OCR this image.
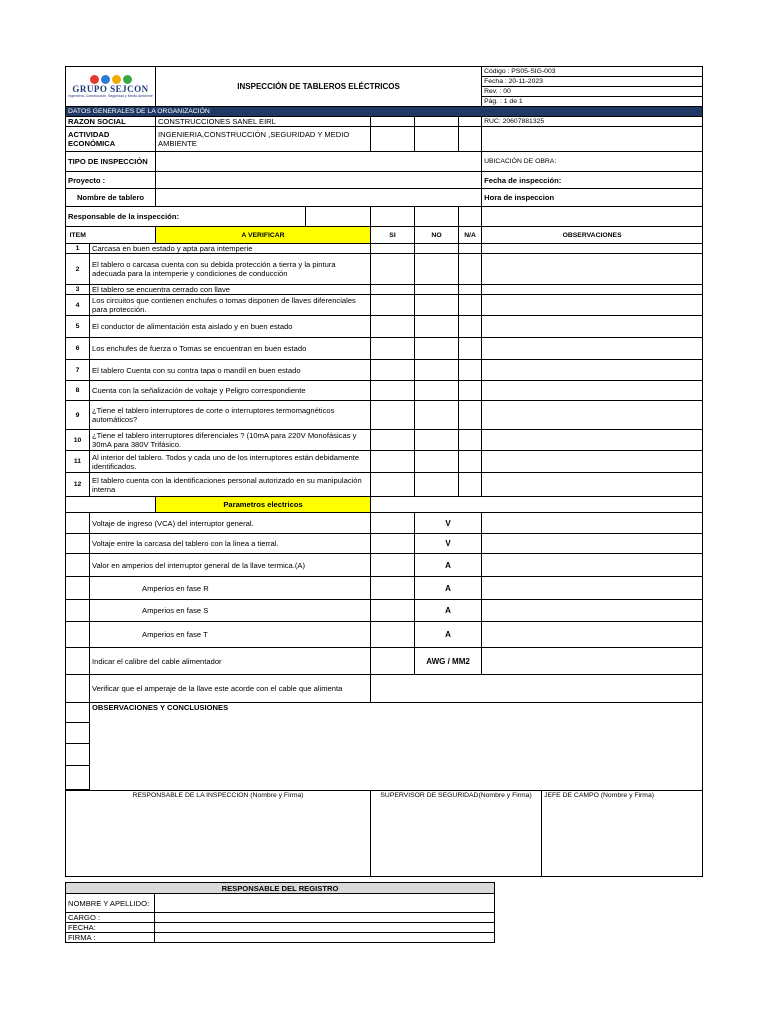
GRUPO SEJCON
Ingeniería, Construcción, Seguridad y Medio Ambiente		INSPECCIÓN DE TABLEROS ELÉCTRICOS					Código : PS05-SIG-003	
							Fecha : 20-11-2023	
							Rev. : 00	
							Pág. : 1 de 1	
DATOS GENERALES DE LA ORGANIZACIÓN								
RAZON SOCIAL		CONSTRUCCIONES SANEL EIRL					RUC: 20607881325	
ACTIVIDAD ECONÓMICA		INGENIERIA,CONSTRUCCIÓN ,SEGURIDAD Y MEDIO AMBIENTE						
TIPO DE INSPECCIÓN							UBICACIÓN DE OBRA:	
Proyecto :							Fecha de inspección:	
Nombre de tablero							Hora de inspeccion	
Responsable de la inspección:								
ITEM		A VERIFICAR		SI	NO	N/A	OBSERVACIONES	
1	Carcasa en buen estado y apta para intemperie							
2	El tablero o carcasa cuenta con su debida protección a tierra y la pintura adecuada para la intemperie y condiciones de conducción							
3	El tablero se encuentra cerrado con llave							
4	Los circuitos que contienen enchufes o tomas disponen de llaves diferenciales para protección.							
5	El conductor de alimentación esta aislado y en buen estado							
6	Los enchufes de fuerza o Tomas se encuentran en buen estado							
7	El tablero Cuenta con su contra tapa o mandil en buen estado							
8	Cuenta con la señalización de voltaje y Peligro correspondiente							
9	¿Tiene el tablero interruptores de corte o interruptores termomagnéticos automáticos?							
10	¿Tiene el tablero interruptores diferenciales ? (10mA para 220V Monofásicas y 30mA para 380V Trifásico.							
11	Al interior del tablero. Todos y cada uno de los interruptores están debidamente identificados.							
12	El tablero cuenta con la identificaciones personal autorizado en su manipulación interna							
		Parametros electricos						
	Voltaje de ingreso (VCA) del interruptor general.				V			
	Voltaje entre la carcasa del tablero con la linea a tierral.				V			
	Valor en amperios del interruptor general de la llave termica.(A)				A			
	Amperios en fase R				A			
	Amperios en fase S				A			
	Amperios en fase T				A			
	Indicar el calibre del cable alimentador				AWG / MM2			
	Verificar que el amperaje de la llave este acorde con el cable que alimenta							
	OBSERVACIONES Y CONCLUSIONES							

RESPONSABLE DE LA INSPECCION (Nombre y Firma)				SUPERVISOR DE SEGURIDAD(Nombre y Firma)				JEFE DE CAMPO (Nombre y Firma)
RESPONSABLE DEL REGISTRO	
NOMBRE Y APELLIDO:	
CARGO :	
FECHA:	
FIRMA :	
